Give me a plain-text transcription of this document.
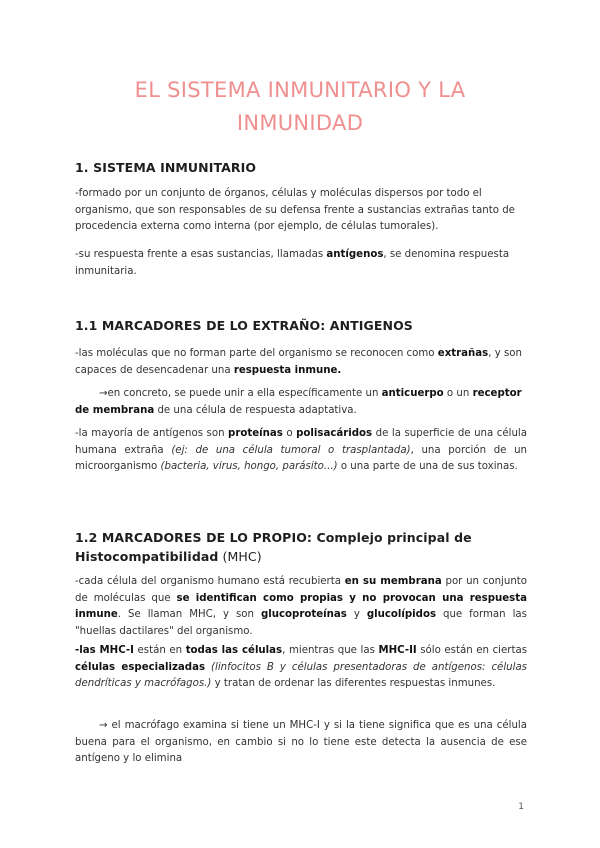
EL SISTEMA INMUNITARIO Y LA INMUNIDAD
1. SISTEMA INMUNITARIO

-formado por un conjunto de órganos, células y moléculas dispersos por todo el organismo, que son responsables de su defensa frente a sustancias extrañas tanto de procedencia externa como interna (por ejemplo, de células tumorales).

-su respuesta frente a esas sustancias, llamadas antígenos, se denomina respuesta inmunitaria.

1.1 MARCADORES DE LO EXTRAÑO: ANTIGENOS

-las moléculas que no forman parte del organismo se reconocen como extrañas, y son capaces de desencadenar una respuesta inmune.

→en concreto, se puede unir a ella específicamente un anticuerpo o un receptor de membrana de una célula de respuesta adaptativa.

-la mayoría de antígenos son proteínas o polisacáridos de la superficie de una célula humana extraña (ej: de una célula tumoral o trasplantada), una porción de un microorganismo (bacteria, virus, hongo, parásito...) o una parte de una de sus toxinas.

1.2 MARCADORES DE LO PROPIO: Complejo principal de Histocompatibilidad (MHC)

-cada célula del organismo humano está recubierta en su membrana por un conjunto de moléculas que se identifican como propias y no provocan una respuesta inmune. Se llaman MHC, y son glucoproteínas y glucolípidos que forman las "huellas dactilares" del organismo.

-las MHC-I están en todas las células, mientras que las MHC-II sólo están en ciertas células especializadas (linfocitos B y células presentadoras de antígenos: células dendríticas y macrófagos.) y tratan de ordenar las diferentes respuestas inmunes.

→ el macrófago examina si tiene un MHC-I y si la tiene significa que es una célula buena para el organismo, en cambio si no lo tiene este detecta la ausencia de ese antígeno y lo elimina

1
